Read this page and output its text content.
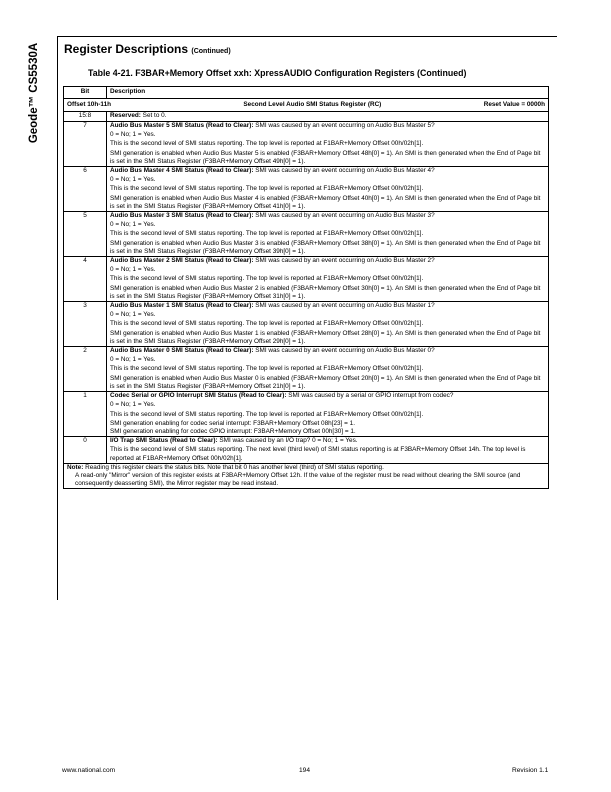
Geode™ CS5530A Register Descriptions (Continued)
Table 4-21. F3BAR+Memory Offset xxh: XpressAUDIO Configuration Registers (Continued)
Bit	Description

Offset 10h-11h Second Level Audio SMI Status Register (RC) Reset Value = 0000h	

15:8	Reserved: Set to 0.
7	Audio Bus Master 5 SMI Status (Read to Clear): SMI was caused by an event occurring on Audio Bus Master 5?

0 = No; 1 = Yes.

This is the second level of SMI status reporting. The top level is reported at F1BAR+Memory Offset 00h/02h[1].

SMI generation is enabled when Audio Bus Master 5 is enabled (F3BAR+Memory Offset 48h[0] = 1). An SMI is then generated when the End of Page bit is set in the SMI Status Register (F3BAR+Memory Offset 49h[0] = 1).

6	Audio Bus Master 4 SMI Status (Read to Clear): SMI was caused by an event occurring on Audio Bus Master 4?

0 = No; 1 = Yes.

This is the second level of SMI status reporting. The top level is reported at F1BAR+Memory Offset 00h/02h[1].

SMI generation is enabled when Audio Bus Master 4 is enabled (F3BAR+Memory Offset 40h[0] = 1). An SMI is then generated when the End of Page bit is set in the SMI Status Register (F3BAR+Memory Offset 41h[0] = 1).

5	Audio Bus Master 3 SMI Status (Read to Clear): SMI was caused by an event occurring on Audio Bus Master 3?

0 = No; 1 = Yes.

This is the second level of SMI status reporting. The top level is reported at F1BAR+Memory Offset 00h/02h[1].

SMI generation is enabled when Audio Bus Master 3 is enabled (F3BAR+Memory Offset 38h[0] = 1). An SMI is then generated when the End of Page bit is set in the SMI Status Register (F3BAR+Memory Offset 39h[0] = 1).

4	Audio Bus Master 2 SMI Status (Read to Clear): SMI was caused by an event occurring on Audio Bus Master 2?

0 = No; 1 = Yes.

This is the second level of SMI status reporting. The top level is reported at F1BAR+Memory Offset 00h/02h[1].

SMI generation is enabled when Audio Bus Master 2 is enabled (F3BAR+Memory Offset 30h[0] = 1). An SMI is then generated when the End of Page bit is set in the SMI Status Register (F3BAR+Memory Offset 31h[0] = 1).

3	Audio Bus Master 1 SMI Status (Read to Clear): SMI was caused by an event occurring on Audio Bus Master 1?

0 = No; 1 = Yes.

This is the second level of SMI status reporting. The top level is reported at F1BAR+Memory Offset 00h/02h[1].

SMI generation is enabled when Audio Bus Master 1 is enabled (F3BAR+Memory Offset 28h[0] = 1). An SMI is then generated when the End of Page bit is set in the SMI Status Register (F3BAR+Memory Offset 29h[0] = 1).

2	Audio Bus Master 0 SMI Status (Read to Clear): SMI was caused by an event occurring on Audio Bus Master 0?

0 = No; 1 = Yes.

This is the second level of SMI status reporting. The top level is reported at F1BAR+Memory Offset 00h/02h[1].

SMI generation is enabled when Audio Bus Master 0 is enabled (F3BAR+Memory Offset 20h[0] = 1). An SMI is then generated when the End of Page bit is set in the SMI Status Register (F3BAR+Memory Offset 21h[0] = 1).

1	Codec Serial or GPIO Interrupt SMI Status (Read to Clear): SMI was caused by a serial or GPIO interrupt from codec?

0 = No; 1 = Yes.

This is the second level of SMI status reporting. The top level is reported at F1BAR+Memory Offset 00h/02h[1].

SMI generation enabling for codec serial interrupt: F3BAR+Memory Offset 08h[23] = 1.
SMI generation enabling for codec GPIO interrupt: F3BAR+Memory Offset 00h[30] = 1.

0	I/O Trap SMI Status (Read to Clear): SMI was caused by an I/O trap? 0 = No; 1 = Yes.

This is the second level of SMI status reporting. The next level (third level) of SMI status reporting is at F3BAR+Memory Offset 14h. The top level is reported at F1BAR+Memory Offset 00h/02h[1].

Note: Reading this register clears the status bits. Note that bit 0 has another level (third) of SMI status reporting.

A read-only "Mirror" version of this register exists at F3BAR+Memory Offset 12h. If the value of the register must be read without clearing the SMI source (and consequently deasserting SMI), the Mirror register may be read instead.	

www.national.com	194	Revision 1.1
